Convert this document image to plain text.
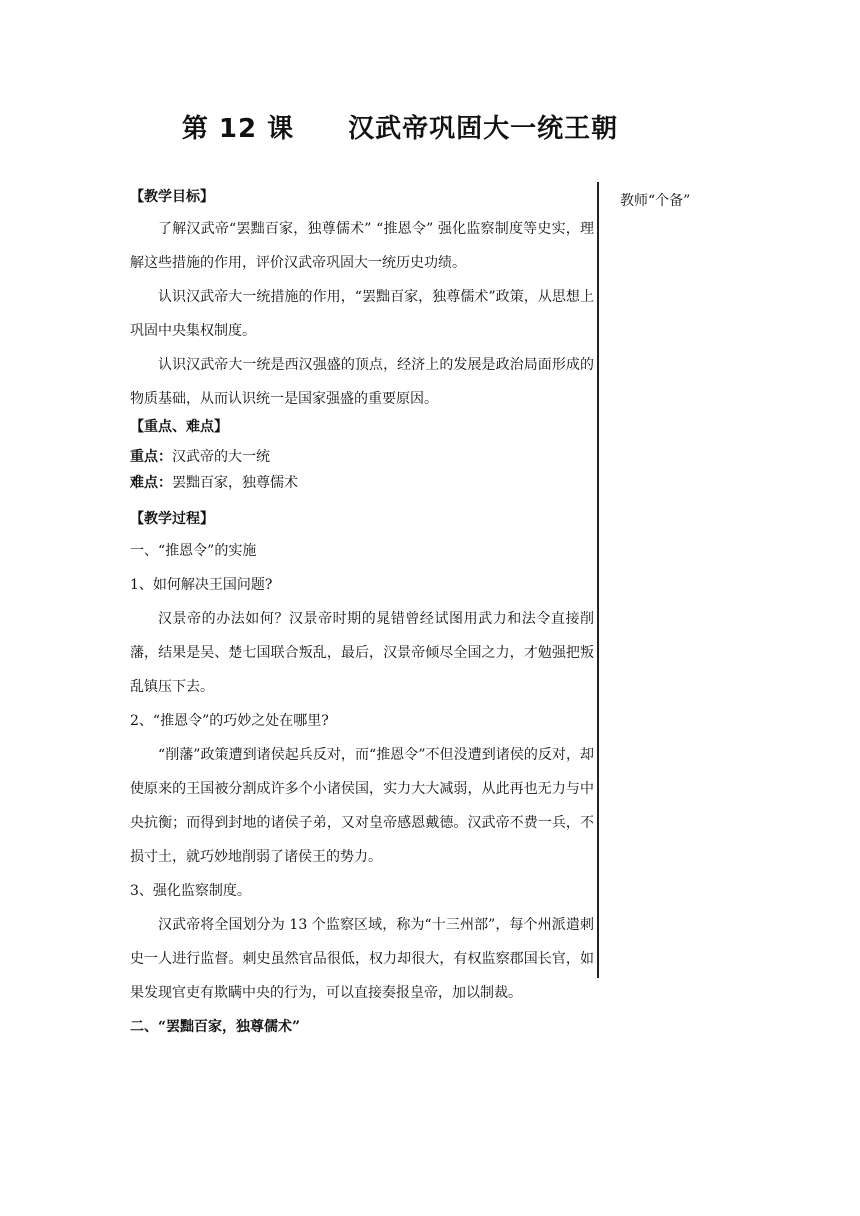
第 12 课　　汉武帝巩固大一统王朝
教师“个备”
【教学目标】
了解汉武帝“罢黜百家，独尊儒术” “推恩令” 强化监察制度等史实，理解这些措施的作用，评价汉武帝巩固大一统历史功绩。
认识汉武帝大一统措施的作用，“罢黜百家，独尊儒术”政策，从思想上巩固中央集权制度。
认识汉武帝大一统是西汉强盛的顶点，经济上的发展是政治局面形成的物质基础，从而认识统一是国家强盛的重要原因。
【重点、难点】
重点：汉武帝的大一统
难点：罢黜百家，独尊儒术
【教学过程】
一、“推恩令”的实施
1、如何解决王国问题?
汉景帝的办法如何？汉景帝时期的晁错曾经试图用武力和法令直接削藩，结果是吴、楚七国联合叛乱，最后，汉景帝倾尽全国之力，才勉强把叛乱镇压下去。
2、“推恩令”的巧妙之处在哪里?
“削藩”政策遭到诸侯起兵反对，而“推恩令”不但没遭到诸侯的反对，却使原来的王国被分割成许多个小诸侯国，实力大大减弱，从此再也无力与中央抗衡；而得到封地的诸侯子弟，又对皇帝感恩戴德。汉武帝不费一兵，不损寸土，就巧妙地削弱了诸侯王的势力。
3、强化监察制度。
汉武帝将全国划分为 13 个监察区域，称为“十三州部”，每个州派遣刺史一人进行监督。刺史虽然官品很低，权力却很大，有权监察郡国长官，如果发现官吏有欺瞒中央的行为，可以直接奏报皇帝，加以制裁。
二、“罢黜百家，独尊儒术”
